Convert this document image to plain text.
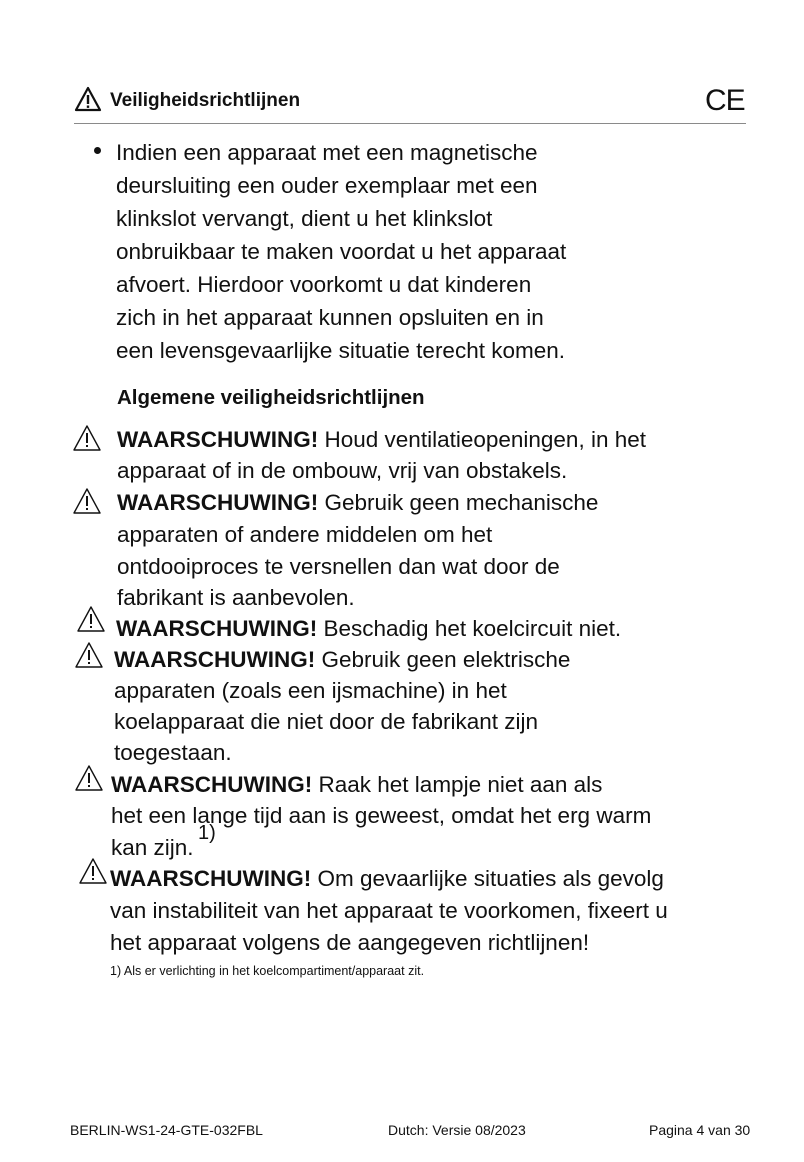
Veiligheidsrichtlijnen	CE
Indien een apparaat met een magnetische
deursluiting een ouder exemplaar met een
klinkslot vervangt, dient u het klinkslot
onbruikbaar te maken voordat u het apparaat
afvoert. Hierdoor voorkomt u dat kinderen
zich in het apparaat kunnen opsluiten en in
een levensgevaarlijke situatie terecht komen.
Algemene veiligheidsrichtlijnen
WAARSCHUWING! Houd ventilatieopeningen, in het
apparaat of in de ombouw, vrij van obstakels.
WAARSCHUWING! Gebruik geen mechanische
apparaten of andere middelen om het
ontdooiproces te versnellen dan wat door de
fabrikant is aanbevolen.
WAARSCHUWING! Beschadig het koelcircuit niet.
WAARSCHUWING! Gebruik geen elektrische
apparaten (zoals een ijsmachine) in het
koelapparaat die niet door de fabrikant zijn
toegestaan.
WAARSCHUWING! Raak het lampje niet aan als
het een lange tijd aan is geweest, omdat het erg warm
kan zijn.
1)
WAARSCHUWING! Om gevaarlijke situaties als gevolg
van instabiliteit van het apparaat te voorkomen, fixeert u
het apparaat volgens de aangegeven richtlijnen!
1) Als er verlichting in het koelcompartiment/apparaat zit.
BERLIN-WS1-24-GTE-032FBL	Dutch: Versie 08/2023	Pagina 4 van 30
